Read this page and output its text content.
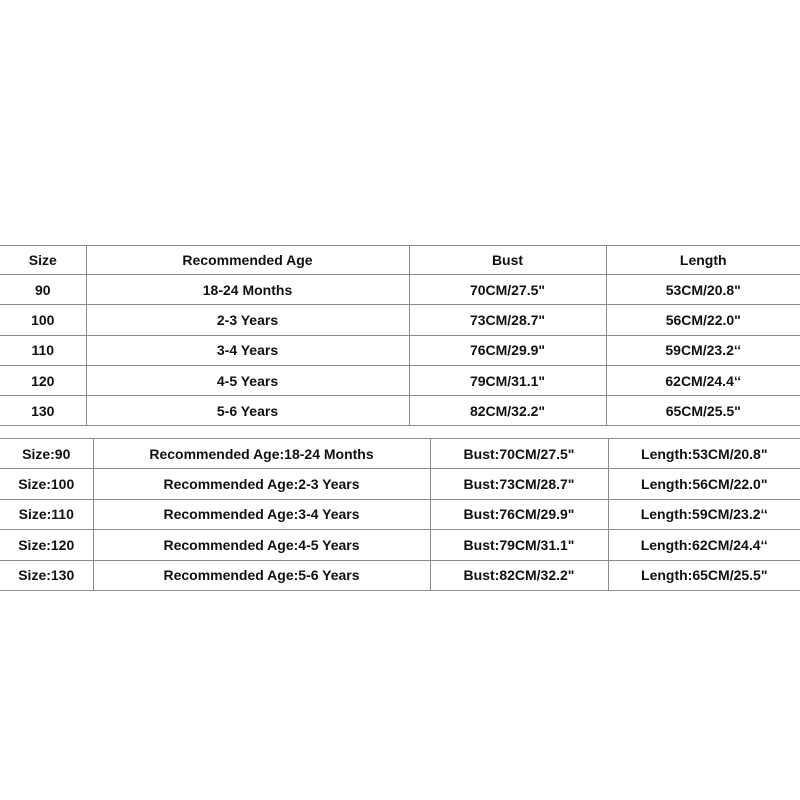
Size	Recommended Age	Bust	Length
90	18-24 Months	70CM/27.5"	53CM/20.8"
100	2-3 Years	73CM/28.7"	56CM/22.0"
110	3-4 Years	76CM/29.9"	59CM/23.2‘‘
120	4-5 Years	79CM/31.1"	62CM/24.4‘‘
130	5-6 Years	82CM/32.2"	65CM/25.5"
Size:90	Recommended Age:18-24 Months	Bust:70CM/27.5"	Length:53CM/20.8"
Size:100	Recommended Age:2-3 Years	Bust:73CM/28.7"	Length:56CM/22.0"
Size:110	Recommended Age:3-4 Years	Bust:76CM/29.9"	Length:59CM/23.2‘‘
Size:120	Recommended Age:4-5 Years	Bust:79CM/31.1"	Length:62CM/24.4‘‘
Size:130	Recommended Age:5-6 Years	Bust:82CM/32.2"	Length:65CM/25.5"
